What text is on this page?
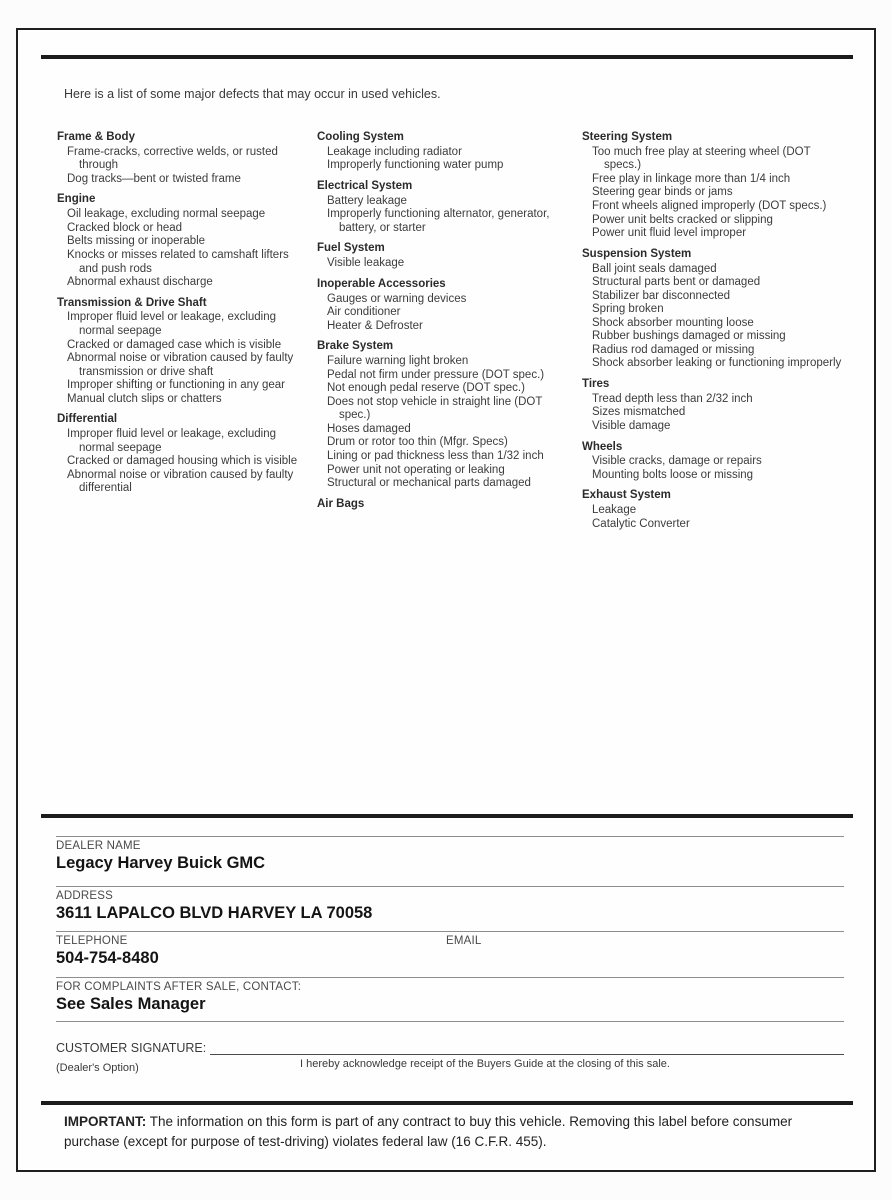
Here is a list of some major defects that may occur in used vehicles.
Frame & Body
Frame-cracks, corrective welds, or rusted through
Dog tracks—bent or twisted frame
Engine
Oil leakage, excluding normal seepage
Cracked block or head
Belts missing or inoperable
Knocks or misses related to camshaft lifters and push rods
Abnormal exhaust discharge
Transmission & Drive Shaft
Improper fluid level or leakage, excluding normal seepage
Cracked or damaged case which is visible
Abnormal noise or vibration caused by faulty transmission or drive shaft
Improper shifting or functioning in any gear
Manual clutch slips or chatters
Differential
Improper fluid level or leakage, excluding normal seepage
Cracked or damaged housing which is visible
Abnormal noise or vibration caused by faulty differential
Cooling System
Leakage including radiator
Improperly functioning water pump
Electrical System
Battery leakage
Improperly functioning alternator, generator, battery, or starter
Fuel System
Visible leakage
Inoperable Accessories
Gauges or warning devices
Air conditioner
Heater & Defroster
Brake System
Failure warning light broken
Pedal not firm under pressure (DOT spec.)
Not enough pedal reserve (DOT spec.)
Does not stop vehicle in straight line (DOT spec.)
Hoses damaged
Drum or rotor too thin (Mfgr. Specs)
Lining or pad thickness less than 1/32 inch
Power unit not operating or leaking
Structural or mechanical parts damaged
Air Bags
Steering System
Too much free play at steering wheel (DOT specs.)
Free play in linkage more than 1/4 inch
Steering gear binds or jams
Front wheels aligned improperly (DOT specs.)
Power unit belts cracked or slipping
Power unit fluid level improper
Suspension System
Ball joint seals damaged
Structural parts bent or damaged
Stabilizer bar disconnected
Spring broken
Shock absorber mounting loose
Rubber bushings damaged or missing
Radius rod damaged or missing
Shock absorber leaking or functioning improperly
Tires
Tread depth less than 2/32 inch
Sizes mismatched
Visible damage
Wheels
Visible cracks, damage or repairs
Mounting bolts loose or missing
Exhaust System
Leakage
Catalytic Converter
DEALER NAME
Legacy Harvey Buick GMC
ADDRESS
3611 LAPALCO BLVD HARVEY LA 70058
TELEPHONE	EMAIL
504-754-8480
FOR COMPLAINTS AFTER SALE, CONTACT:
See Sales Manager
CUSTOMER SIGNATURE:
(Dealer's Option)	I hereby acknowledge receipt of the Buyers Guide at the closing of this sale.
IMPORTANT: The information on this form is part of any contract to buy this vehicle. Removing this label before consumer purchase (except for purpose of test-driving) violates federal law (16 C.F.R. 455).
